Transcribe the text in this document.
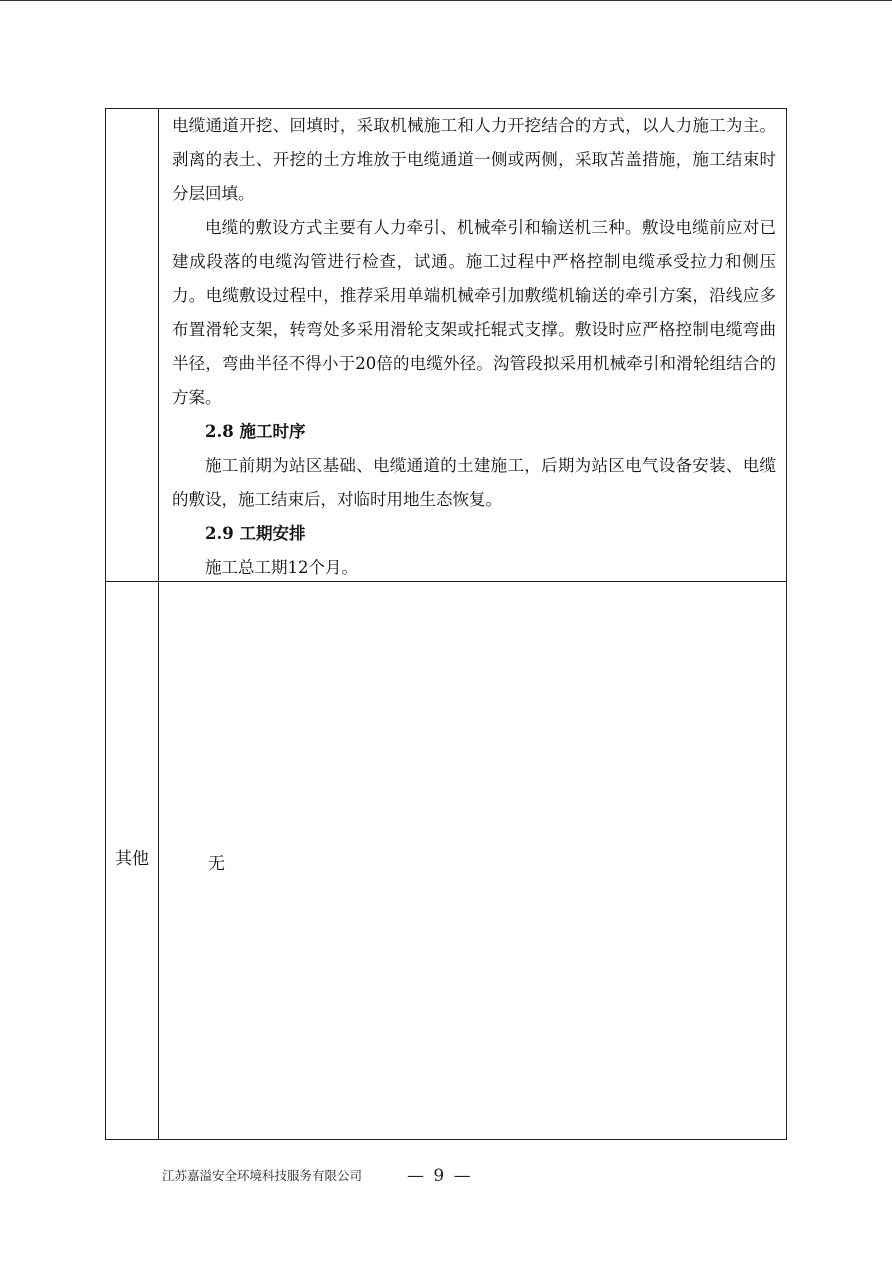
电缆通道开挖、回填时，采取机械施工和人力开挖结合的方式，以人力施工为主。剥离的表土、开挖的土方堆放于电缆通道一侧或两侧，采取苫盖措施，施工结束时分层回填。

电缆的敷设方式主要有人力牵引、机械牵引和输送机三种。敷设电缆前应对已建成段落的电缆沟管进行检查，试通。施工过程中严格控制电缆承受拉力和侧压力。电缆敷设过程中，推荐采用单端机械牵引加敷缆机输送的牵引方案，沿线应多布置滑轮支架，转弯处多采用滑轮支架或托辊式支撑。敷设时应严格控制电缆弯曲半径，弯曲半径不得小于20倍的电缆外径。沟管段拟采用机械牵引和滑轮组结合的方案。

2.8 施工时序

施工前期为站区基础、电缆通道的土建施工，后期为站区电气设备安装、电缆的敷设，施工结束后，对临时用地生态恢复。

2.9 工期安排

施工总工期12个月。

其他	无
江苏嘉溢安全环境科技服务有限公司	— 9 —
